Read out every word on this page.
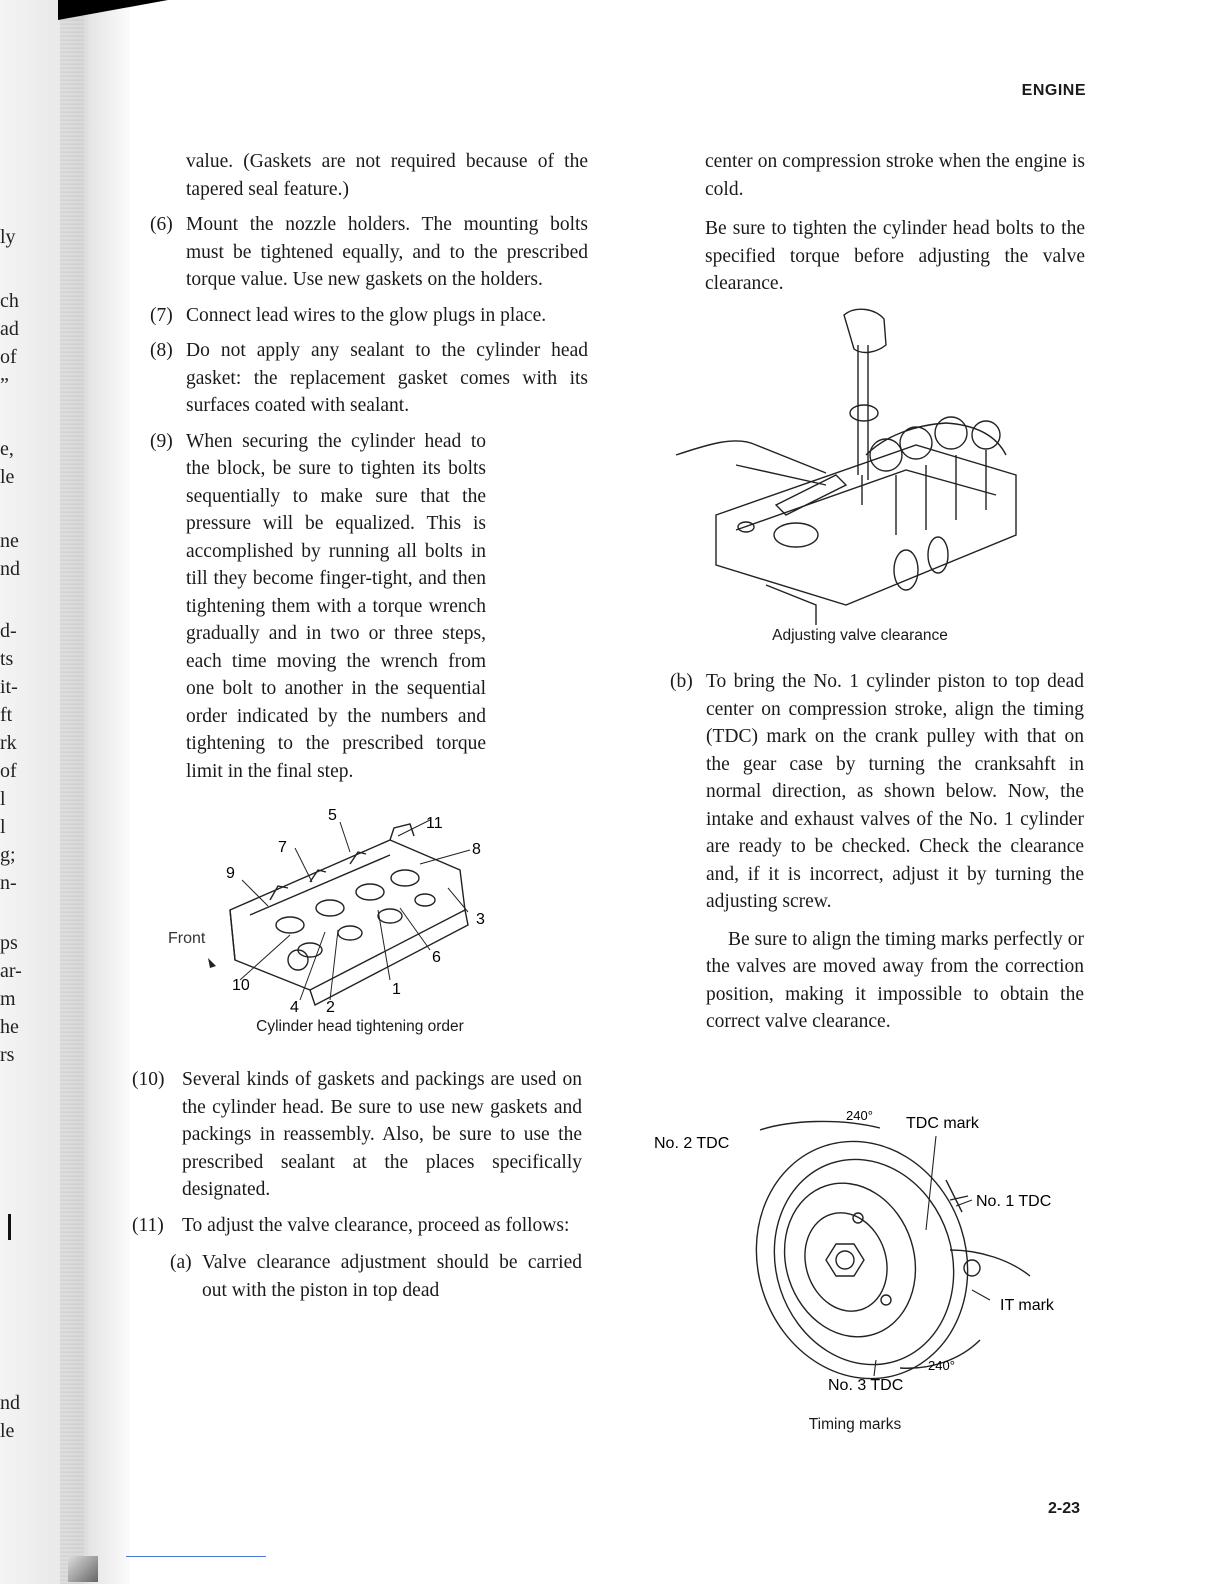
ly
ch
ad
of
”
e,
le
ne
nd
d-
ts
it-
ft
rk
of
l
l
g;
n-
ps
ar-
m
he
rs
nd
le
ENGINE

value. (Gaskets are not required because of the tapered seal feature.)

(6) Mount the nozzle holders. The mounting bolts must be tightened equally, and to the prescribed torque value. Use new gaskets on the holders.

(7) Connect lead wires to the glow plugs in place.

(8) Do not apply any sealant to the cylinder head gasket: the replacement gasket comes with its surfaces coated with sealant.

(9) When securing the cylinder head to the block, be sure to tighten its bolts sequentially to make sure that the pressure will be equalized. This is accomplished by running all bolts in till they become finger-tight, and then tightening them with a torque wrench gradually and in two or three steps, each time moving the wrench from one bolt to another in the sequential order indicated by the numbers and tightening to the prescribed torque limit in the final step.

5	11
7	8
9
3
6
10	1
4 2
Front
Cylinder head tightening order
(10) Several kinds of gaskets and packings are used on the cylinder head. Be sure to use new gaskets and packings in reassembly. Also, be sure to use the prescribed sealant at the places specifically designated.

(11) To adjust the valve clearance, proceed as follows:

(a) Valve clearance adjustment should be carried out with the piston in top dead

center on compression stroke when the engine is cold.

Be sure to tighten the cylinder head bolts to the specified torque before adjusting the valve clearance.

Adjusting valve clearance
(b) To bring the No. 1 cylinder piston to top dead center on compression stroke, align the timing (TDC) mark on the crank pulley with that on the gear case by turning the cranksahft in normal direction, as shown below. Now, the intake and exhaust valves of the No. 1 cylinder are ready to be checked. Check the clearance and, if it is incorrect, adjust it by turning the adjusting screw.

Be sure to align the timing marks perfectly or the valves are moved away from the correction position, making it impossible to obtain the correct valve clearance.

240° TDC mark
No. 2 TDC
No. 1 TDC
IT mark
240°
No. 3 TDC
Timing marks
2-23
